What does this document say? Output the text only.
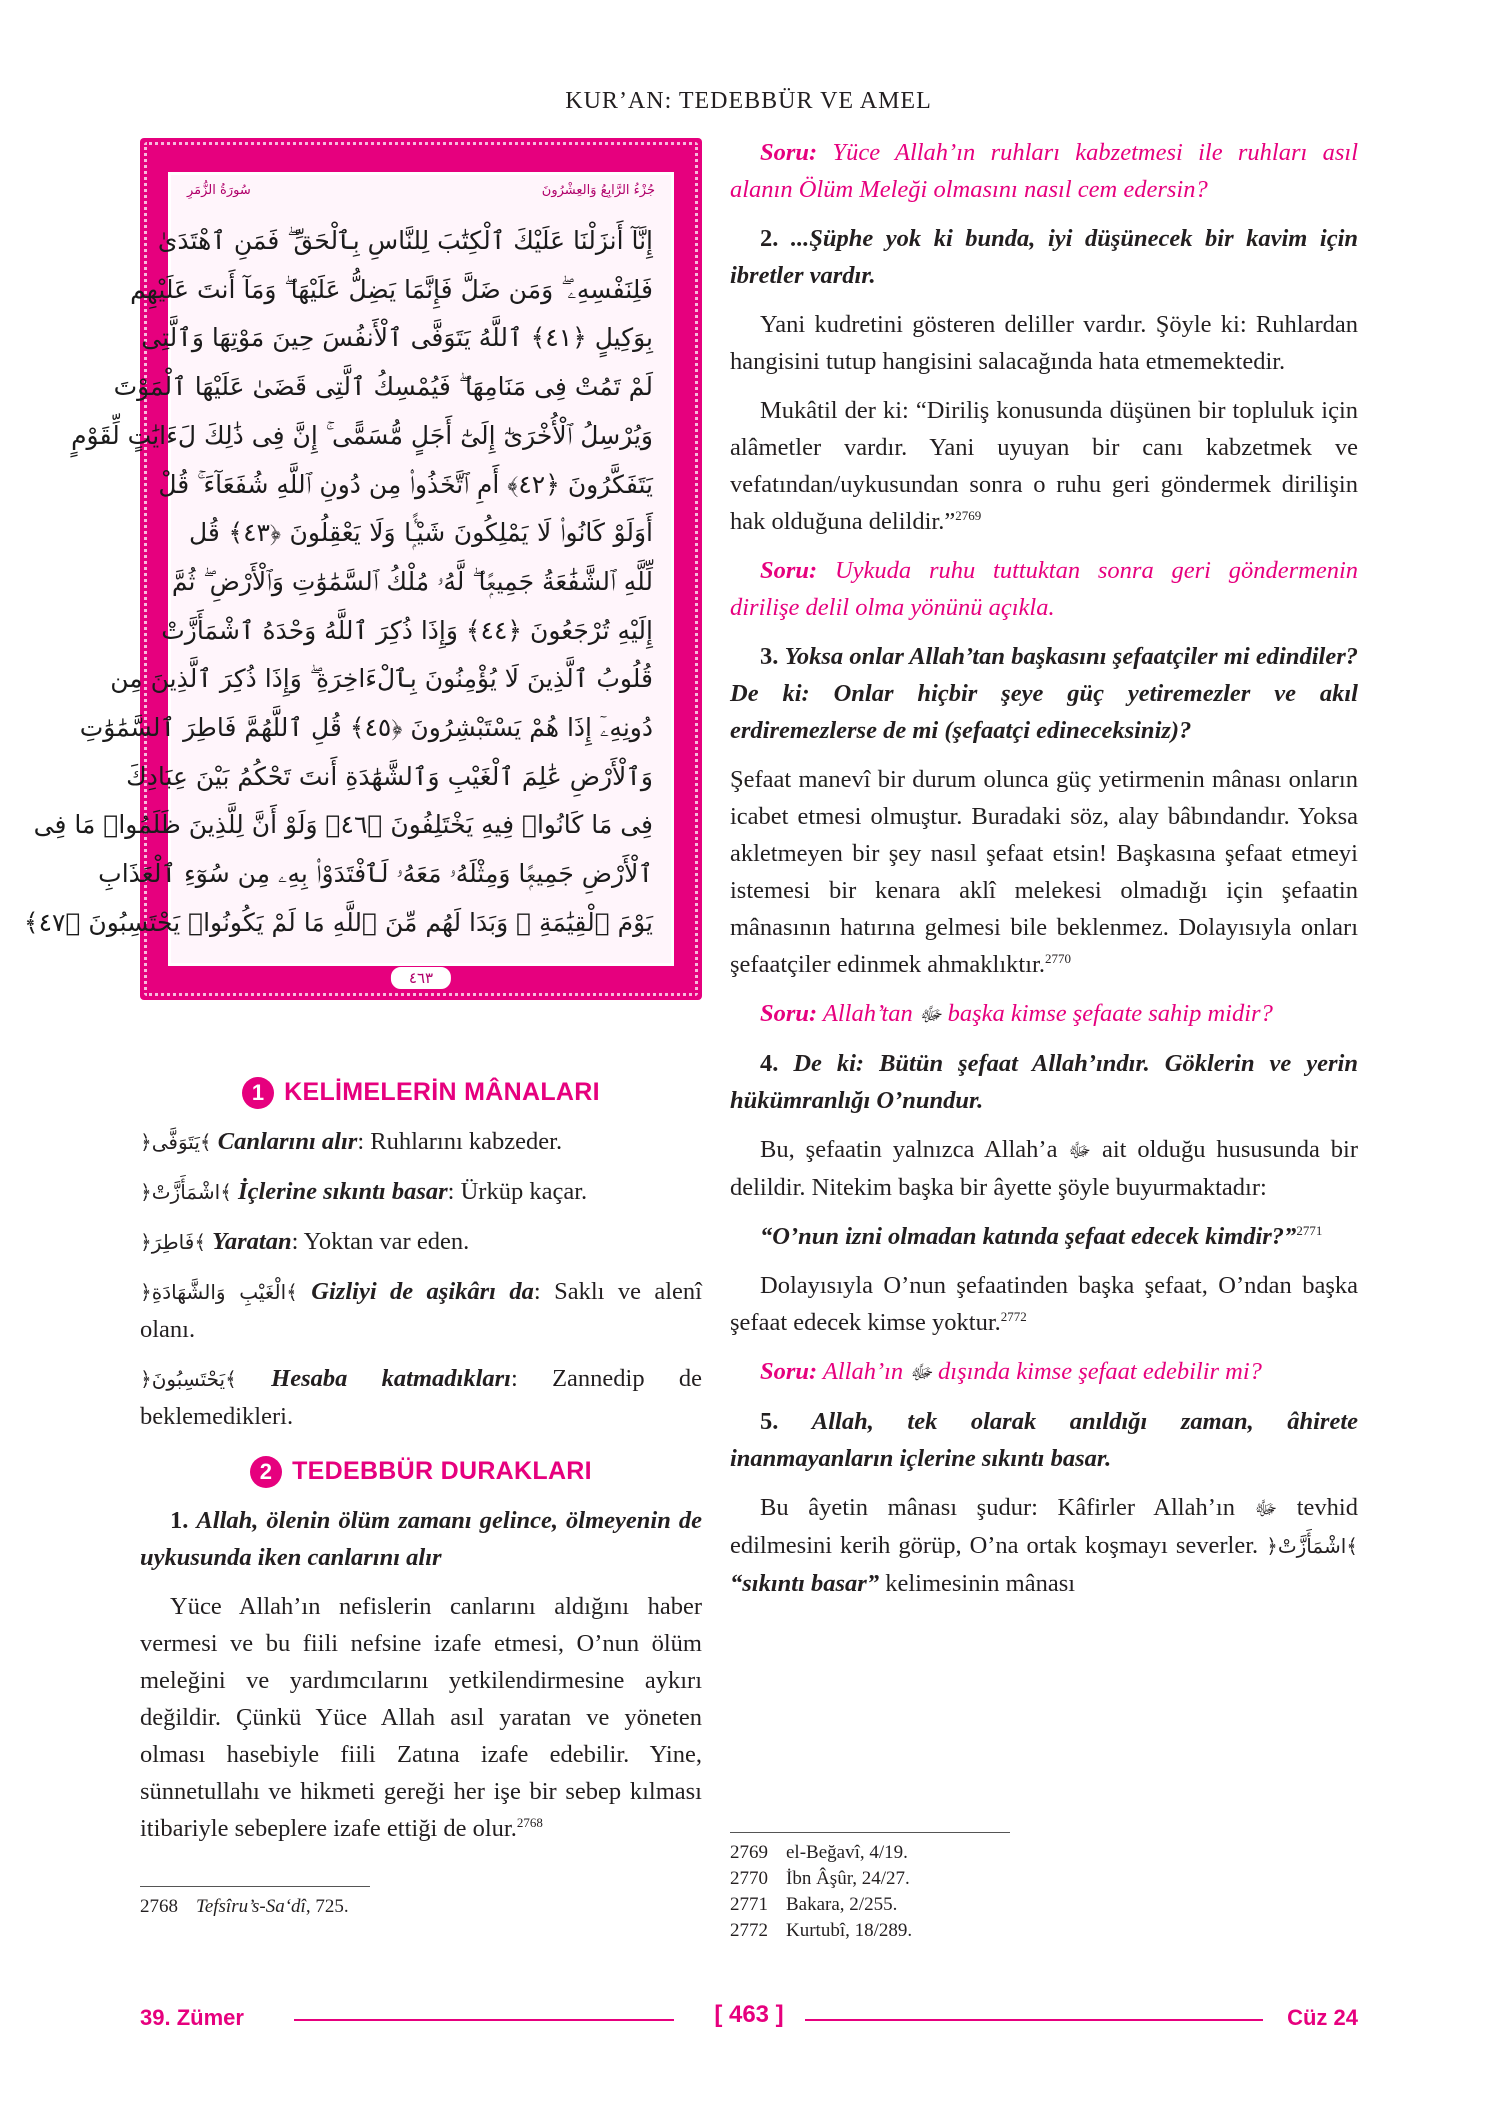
KUR’AN: TEDEBBÜR VE AMEL
سُورَةُ الزُّمَرِ	جُزْءُ الرَّابِعُ وَالعِشْرُونَ
إِنَّآ أَنزَلْنَا عَلَيْكَ ٱلْكِتَٰبَ لِلنَّاسِ بِٱلْحَقِّ ۖ فَمَنِ ٱهْتَدَىٰ
فَلِنَفْسِهِۦ ۖ وَمَن ضَلَّ فَإِنَّمَا يَضِلُّ عَلَيْهَا ۖ وَمَآ أَنتَ عَلَيْهِم
بِوَكِيلٍ ﴿٤١﴾ ٱللَّهُ يَتَوَفَّى ٱلْأَنفُسَ حِينَ مَوْتِهَا وَٱلَّتِى
لَمْ تَمُتْ فِى مَنَامِهَا ۖ فَيُمْسِكُ ٱلَّتِى قَضَىٰ عَلَيْهَا ٱلْمَوْتَ
وَيُرْسِلُ ٱلْأُخْرَىٰٓ إِلَىٰٓ أَجَلٍ مُّسَمًّى ۚ إِنَّ فِى ذَٰلِكَ لَءَايَٰتٍ لِّقَوْمٍ
يَتَفَكَّرُونَ ﴿٤٢﴾ أَمِ ٱتَّخَذُوا۟ مِن دُونِ ٱللَّهِ شُفَعَآءَ ۚ قُلْ
أَوَلَوْ كَانُوا۟ لَا يَمْلِكُونَ شَيْـًۭٔا وَلَا يَعْقِلُونَ ﴿٤٣﴾ قُل
لِّلَّهِ ٱلشَّفَٰعَةُ جَمِيعًۭا ۖ لَّهُۥ مُلْكُ ٱلسَّمَٰوَٰتِ وَٱلْأَرْضِ ۖ ثُمَّ
إِلَيْهِ تُرْجَعُونَ ﴿٤٤﴾ وَإِذَا ذُكِرَ ٱللَّهُ وَحْدَهُ ٱشْمَأَزَّتْ
قُلُوبُ ٱلَّذِينَ لَا يُؤْمِنُونَ بِٱلْءَاخِرَةِ ۖ وَإِذَا ذُكِرَ ٱلَّذِينَ مِن
دُونِهِۦٓ إِذَا هُمْ يَسْتَبْشِرُونَ ﴿٤٥﴾ قُلِ ٱللَّهُمَّ فَاطِرَ ٱلسَّمَٰوَٰتِ
وَٱلْأَرْضِ عَٰلِمَ ٱلْغَيْبِ وَٱلشَّهَٰدَةِ أَنتَ تَحْكُمُ بَيْنَ عِبَادِكَ
فِى مَا كَانُوا۟ فِيهِ يَخْتَلِفُونَ ﴿٤٦﴾ وَلَوْ أَنَّ لِلَّذِينَ ظَلَمُوا۟ مَا فِى
ٱلْأَرْضِ جَمِيعًۭا وَمِثْلَهُۥ مَعَهُۥ لَٱفْتَدَوْا۟ بِهِۦ مِن سُوٓءِ ٱلْعَذَابِ
يَوْمَ ٱلْقِيَٰمَةِ ۚ وَبَدَا لَهُم مِّنَ ٱللَّهِ مَا لَمْ يَكُونُوا۟ يَحْتَسِبُونَ ﴿٤٧﴾
٤٦٣
1 KELİMELERİN MÂNALARI

﴿يَتَوَفَّى﴾ Canlarını alır: Ruhlarını kabzeder.

﴿اشْمَأَزَّتْ﴾ İçlerine sıkıntı basar: Ürküp kaçar.

﴿فَاطِرَ﴾ Yaratan: Yoktan var eden.

﴿الْغَيْبِ وَالشَّهَادَةِ﴾ Gizliyi de aşikârı da: Saklı ve alenî olanı.

﴿يَحْتَسِبُونَ﴾ Hesaba katmadıkları: Zannedip de beklemedikleri.

2 TEDEBBÜR DURAKLARI

1. Allah, ölenin ölüm zamanı gelince, ölmeyenin de uykusunda iken canlarını alır

Yüce Allah’ın nefislerin canlarını aldığını haber vermesi ve bu fiili nefsine izafe etmesi, O’nun ölüm meleğini ve yardımcılarını yetkilendirmesine aykırı değildir. Çünkü Yüce Allah asıl yaratan ve yöneten olması hasebiyle fiili Zatına izafe edebilir. Yine, sünnetullahı ve hikmeti gereği her işe bir sebep kılması itibariyle sebeplere izafe ettiği de olur.$^{2768}$

2768 Tefsîru’s-Sa‘dî, 725.

Soru: Yüce Allah’ın ruhları kabzetmesi ile ruhları asıl alanın Ölüm Meleği olmasını nasıl cem edersin?

2. ...Şüphe yok ki bunda, iyi düşünecek bir kavim için ibretler vardır.

Yani kudretini gösteren deliller vardır. Şöyle ki: Ruhlardan hangisini tutup hangisini salacağında hata etmemektedir.

Mukâtil der ki: “Diriliş konusunda düşünen bir topluluk için alâmetler vardır. Yani uyuyan bir canı kabzetmek ve vefatından/uykusundan sonra o ruhu geri göndermek dirilişin hak olduğuna delildir.”$^{2769}$

Soru: Uykuda ruhu tuttuktan sonra geri göndermenin dirilişe delil olma yönünü açıkla.

3. Yoksa onlar Allah’tan başkasını şefaatçiler mi edindiler? De ki: Onlar hiçbir şeye güç yetiremezler ve akıl erdiremezlerse de mi (şefaatçi edineceksiniz)?

Şefaat manevî bir durum olunca güç yetirmenin mânası onların icabet etmesi olmuştur. Buradaki söz, alay bâbındandır. Yoksa akletmeyen bir şey nasıl şefaat etsin! Başkasına şefaat etmeyi istemesi bir kenara aklî melekesi olmadığı için şefaatin mânasının hatırına gelmesi bile beklenmez. Dolayısıyla onları şefaatçiler edinmek ahmaklıktır.$^{2770}$

Soru: Allah’tan ﷻ başka kimse şefaate sahip midir?

4. De ki: Bütün şefaat Allah’ındır. Göklerin ve yerin hükümranlığı O’nundur.

Bu, şefaatin yalnızca Allah’a ﷻ ait olduğu hususunda bir delildir. Nitekim başka bir âyette şöyle buyurmaktadır:

“O’nun izni olmadan katında şefaat edecek kimdir?”$^{2771}$

Dolayısıyla O’nun şefaatinden başka şefaat, O’ndan başka şefaat edecek kimse yoktur.$^{2772}$

Soru: Allah’ın ﷻ dışında kimse şefaat edebilir mi?

5. Allah, tek olarak anıldığı zaman, âhirete inanmayanların içlerine sıkıntı basar.

Bu âyetin mânası şudur: Kâfirler Allah’ın ﷻ tevhid edilmesini kerih görüp, O’na ortak koşmayı severler. ﴿اشْمَأَزَّتْ﴾ “sıkıntı basar” kelimesinin mânası

2769 el-Beğavî, 4/19.
2770 İbn Âşûr, 24/27.
2771 Bakara, 2/255.
2772 Kurtubî, 18/289.
39. Zümer	[ 463 ]	Cüz 24
